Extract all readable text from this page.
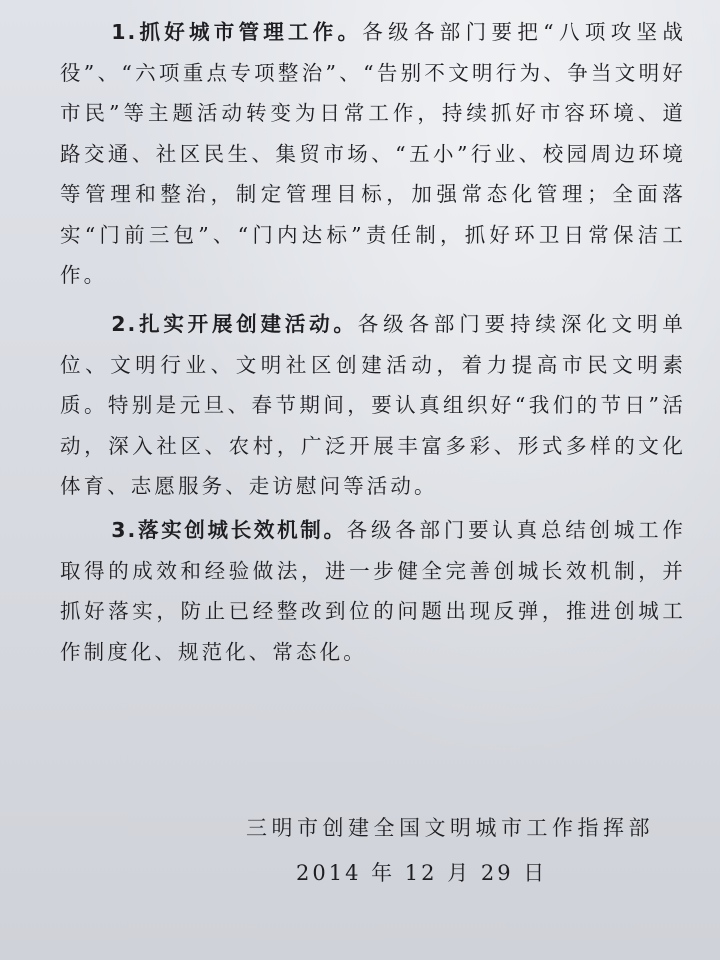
1.抓好城市管理工作。各级各部门要把“八项攻坚战役”、“六项重点专项整治”、“告别不文明行为、争当文明好市民”等主题活动转变为日常工作，持续抓好市容环境、道路交通、社区民生、集贸市场、“五小”行业、校园周边环境等管理和整治，制定管理目标，加强常态化管理；全面落实“门前三包”、“门内达标”责任制，抓好环卫日常保洁工作。

2.扎实开展创建活动。各级各部门要持续深化文明单位、文明行业、文明社区创建活动，着力提高市民文明素质。特别是元旦、春节期间，要认真组织好“我们的节日”活动，深入社区、农村，广泛开展丰富多彩、形式多样的文化体育、志愿服务、走访慰问等活动。

3.落实创城长效机制。各级各部门要认真总结创城工作取得的成效和经验做法，进一步健全完善创城长效机制，并抓好落实，防止已经整改到位的问题出现反弹，推进创城工作制度化、规范化、常态化。

三明市创建全国文明城市工作指挥部
2014 年 12 月 29 日
